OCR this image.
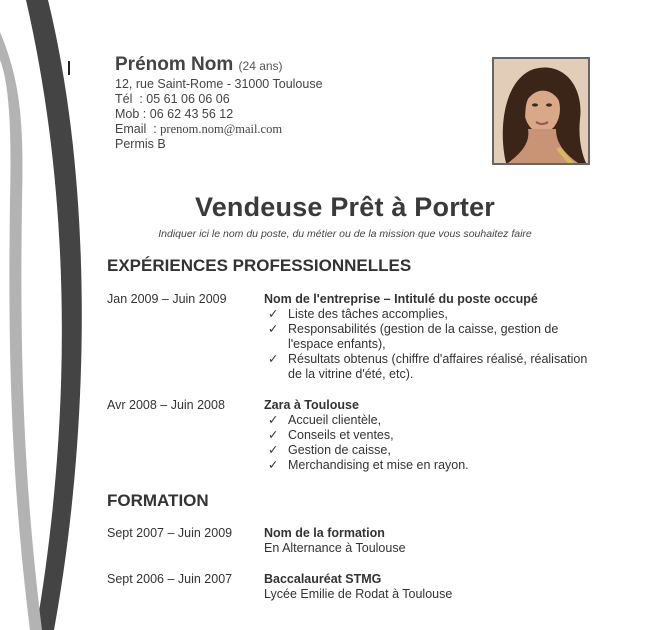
Prénom Nom (24 ans)
12, rue Saint-Rome - 31000 Toulouse
Tél  : 05 61 06 06 06
Mob : 06 62 43 56 12
Email  : prenom.nom@mail.com
Permis B
Vendeuse Prêt à Porter
Indiquer ici le nom du poste, du métier ou de la mission que vous souhaitez faire
EXPÉRIENCES PROFESSIONNELLES
Jan 2009 – Juin 2009	Nom de l'entreprise – Intitulé du poste occupé
✓ Liste des tâches accomplies,
✓ Responsabilités (gestion de la caisse, gestion de l'espace enfants),
✓ Résultats obtenus (chiffre d'affaires réalisé, réalisation de la vitrine d'été, etc).
Avr 2008 – Juin 2008	Zara à Toulouse
✓ Accueil clientèle,
✓ Conseils et ventes,
✓ Gestion de caisse,
✓ Merchandising et mise en rayon.
FORMATION
Sept 2007 – Juin 2009	Nom de la formation
En Alternance à Toulouse
Sept 2006 – Juin 2007	Baccalauréat STMG
Lycée Emilie de Rodat à Toulouse
